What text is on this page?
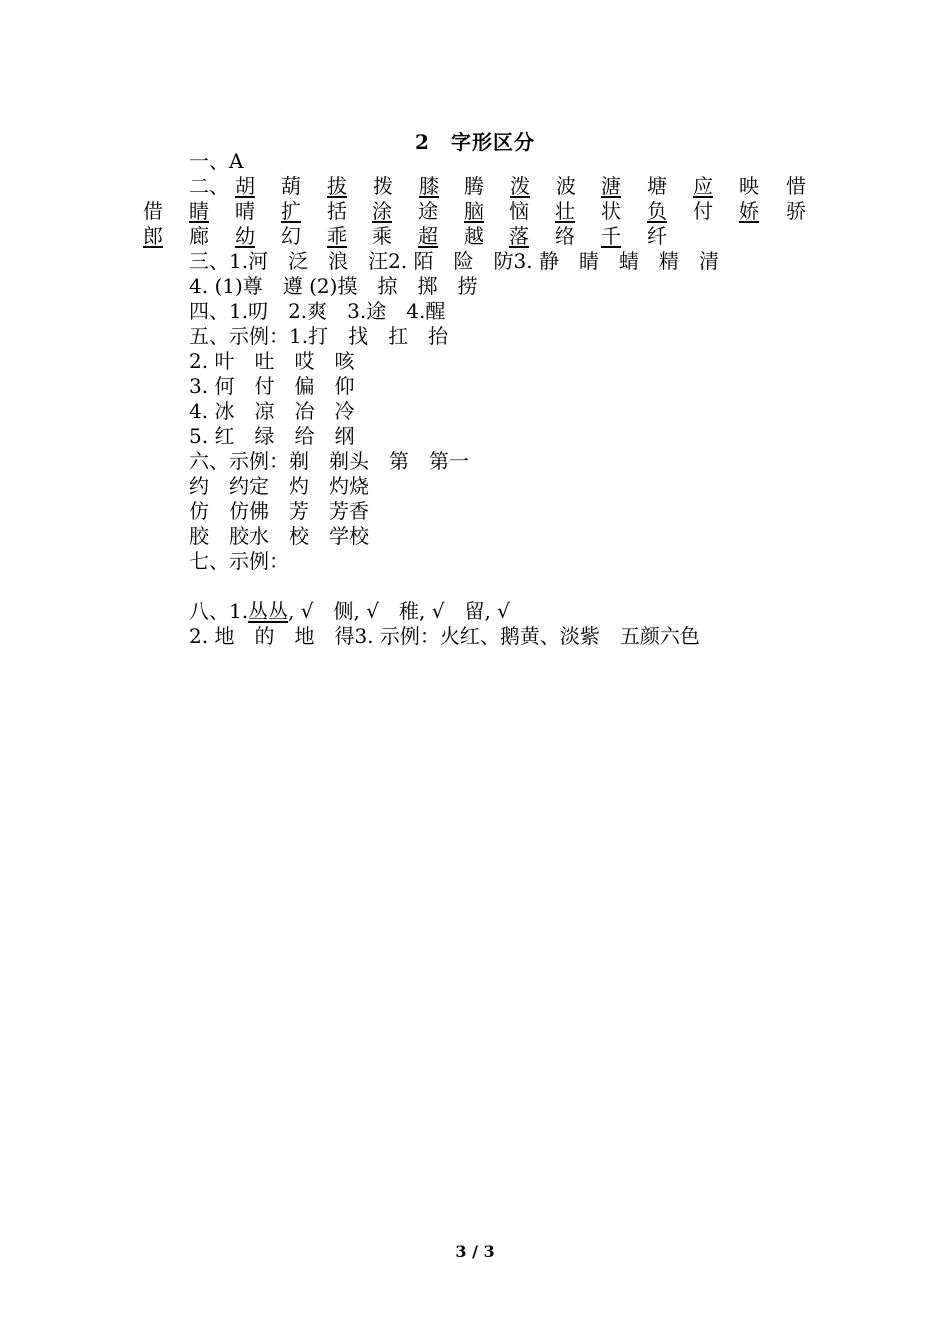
2　字形区分
一、A
二、 胡 葫 拔 拨 膝 腾 泼 波 溏 塘 应 映 惜
借 睛 晴 扩 括 涂 途 脑 恼 壮 状 负 付 娇 骄
郎 廊 幼 幻 乖 乘 超 越 落 络 千 纤
三、1.河　泛　浪　汪2. 陌　险　防3. 静　睛　蜻　精　清
4. (1)尊　遵 (2)摸　掠　掷　捞
四、1.叨　2.爽　3.途　4.醒
五、示例：1.打　找　扛　抬
2. 叶　吐　哎　咳
3. 何　付　偏　仰
4. 冰　凉　冶　冷
5. 红　绿　给　纲
六、示例：剃　剃头　第　第一
约　约定　灼　灼烧
仿　仿佛　芳　芳香
胶　胶水　校　学校
七、示例：
八、1.丛丛, √　侧, √　稚, √　留, √
2. 地　的　地　得3. 示例：火红、鹅黄、淡紫　五颜六色
3 / 3
